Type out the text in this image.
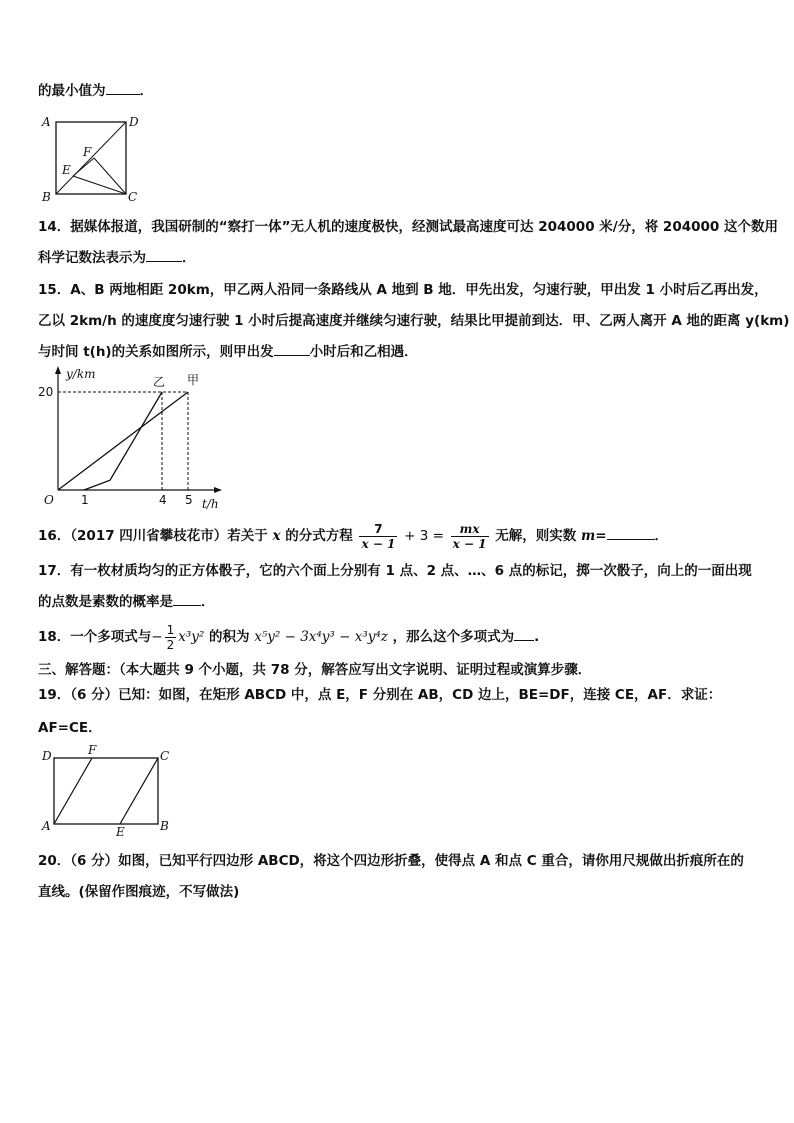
的最小值为	．
A	D
B	C
E
F
14．据媒体报道，我国研制的“察打一体”无人机的速度极快，经测试最高速度可达 204000 米/分，将 204000 这个数用
科学记数法表示为	．
15．A、B 两地相距 20km，甲乙两人沿同一条路线从 A 地到 B 地．甲先出发，匀速行驶，甲出发 1 小时后乙再出发，
乙以 2km/h 的速度度匀速行驶 1 小时后提高速度并继续匀速行驶，结果比甲提前到达．甲、乙两人离开 A 地的距离 y(km)
与时间 t(h)的关系如图所示，则甲出发	小时后和乙相遇．
y/km
t/h
O 1	4 5
20
乙 甲
16．（2017 四川省攀枝花市）若关于 x 的分式方程 $\frac{7}{x - 1} + 3 = \frac{mx}{x - 1}$ 无解，则实数 m=	．
17．有一枚材质均匀的正方体骰子，它的六个面上分别有 1 点、2 点、…、6 点的标记，掷一次骰子，向上的一面出现
的点数是素数的概率是 ．
18．一个多项式与− $\frac{1}{2} x^3y^2$ 的积为 x⁵y² − 3x⁴y³ − x³y⁴z ，那么这个多项式为 .
三、解答题：（本大题共 9 个小题，共 78 分，解答应写出文字说明、证明过程或演算步骤．
19．（6 分）已知：如图，在矩形 ABCD 中，点 E，F 分别在 AB，CD 边上，BE=DF，连接 CE，AF．求证：
AF=CE．
D	F	C
A	E	B
20．（6 分）如图，已知平行四边形 ABCD，将这个四边形折叠，使得点 A 和点 C 重合，请你用尺规做出折痕所在的
直线。(保留作图痕迹，不写做法)
